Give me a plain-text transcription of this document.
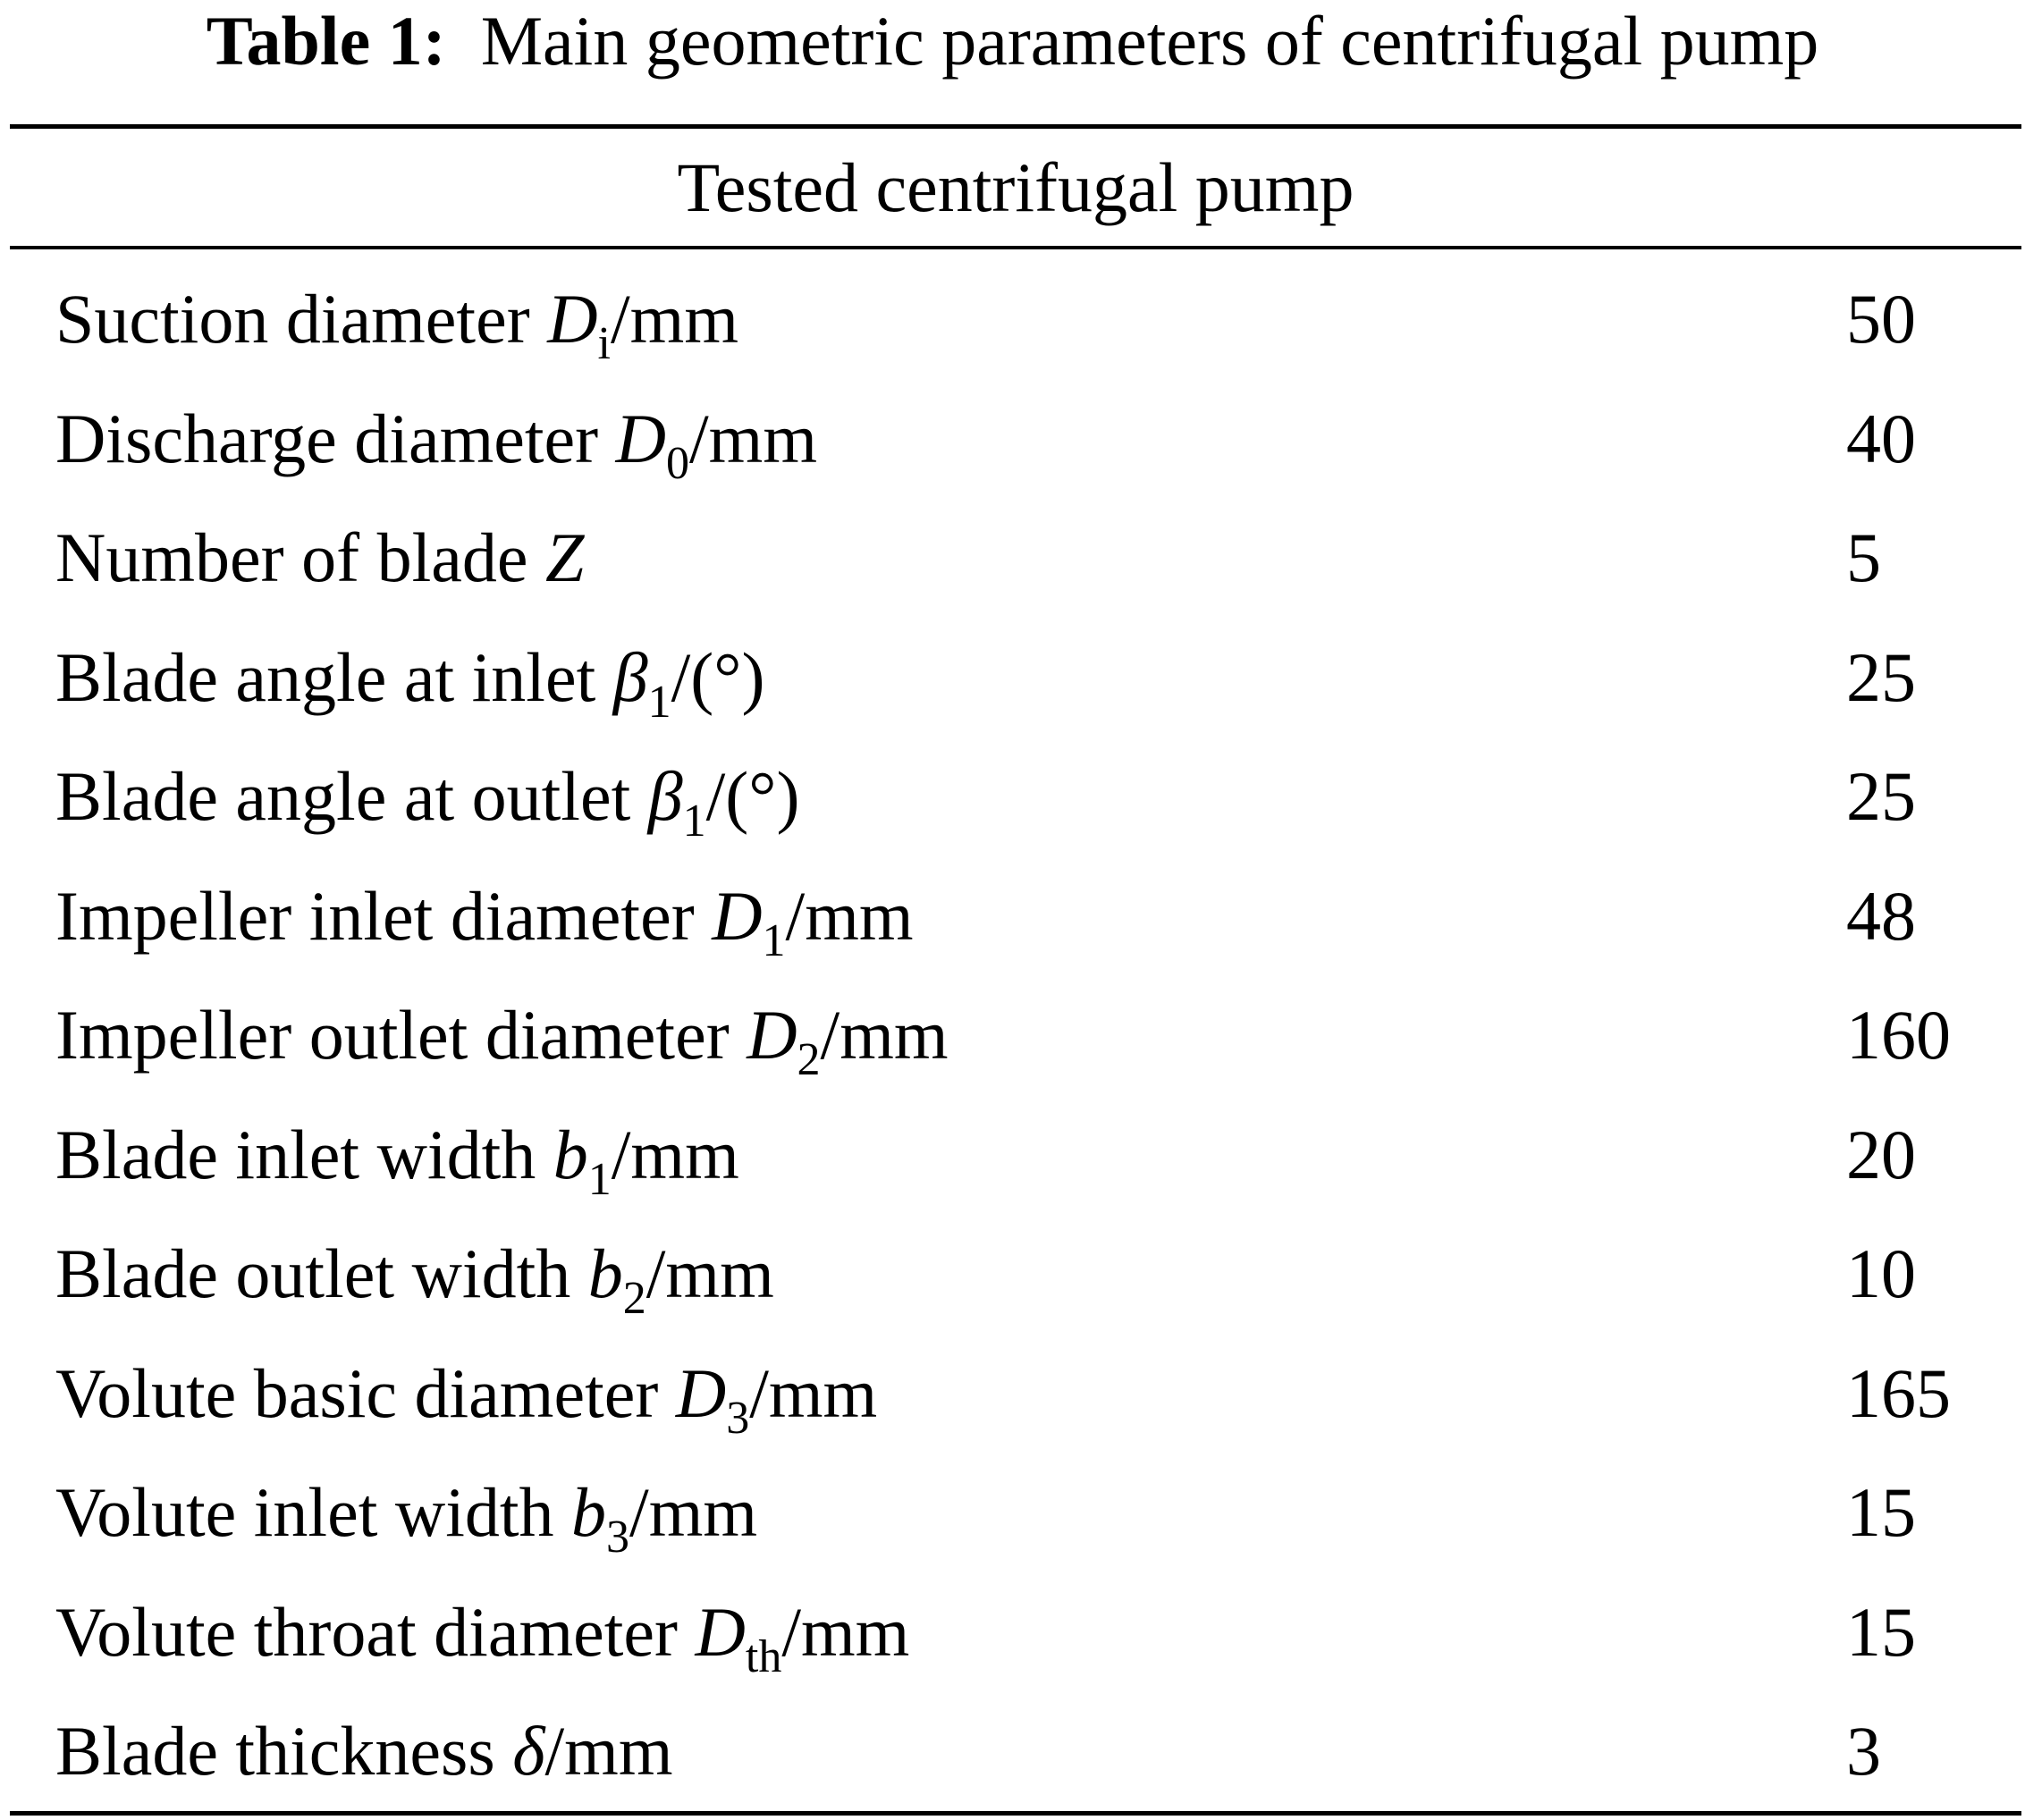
Table 1: Main geometric parameters of centrifugal pump
Tested centrifugal pump
Suction diameter $D_i/mm$	50
Discharge diameter $D_0/mm$	40
Number of blade Z	5
Blade angle at inlet $\beta_1/(^\circ)$	25
Blade angle at outlet $\beta_1/(^\circ)$	25
Impeller inlet diameter $D_1/mm$	48
Impeller outlet diameter $D_2/mm$	160
Blade inlet width $b_1/mm$	20
Blade outlet width $b_2/mm$	10
Volute basic diameter $D_3/mm$	165
Volute inlet width $b_3/mm$	15
Volute throat diameter $D_{th}/mm$	15
Blade thickness δ/mm	3
